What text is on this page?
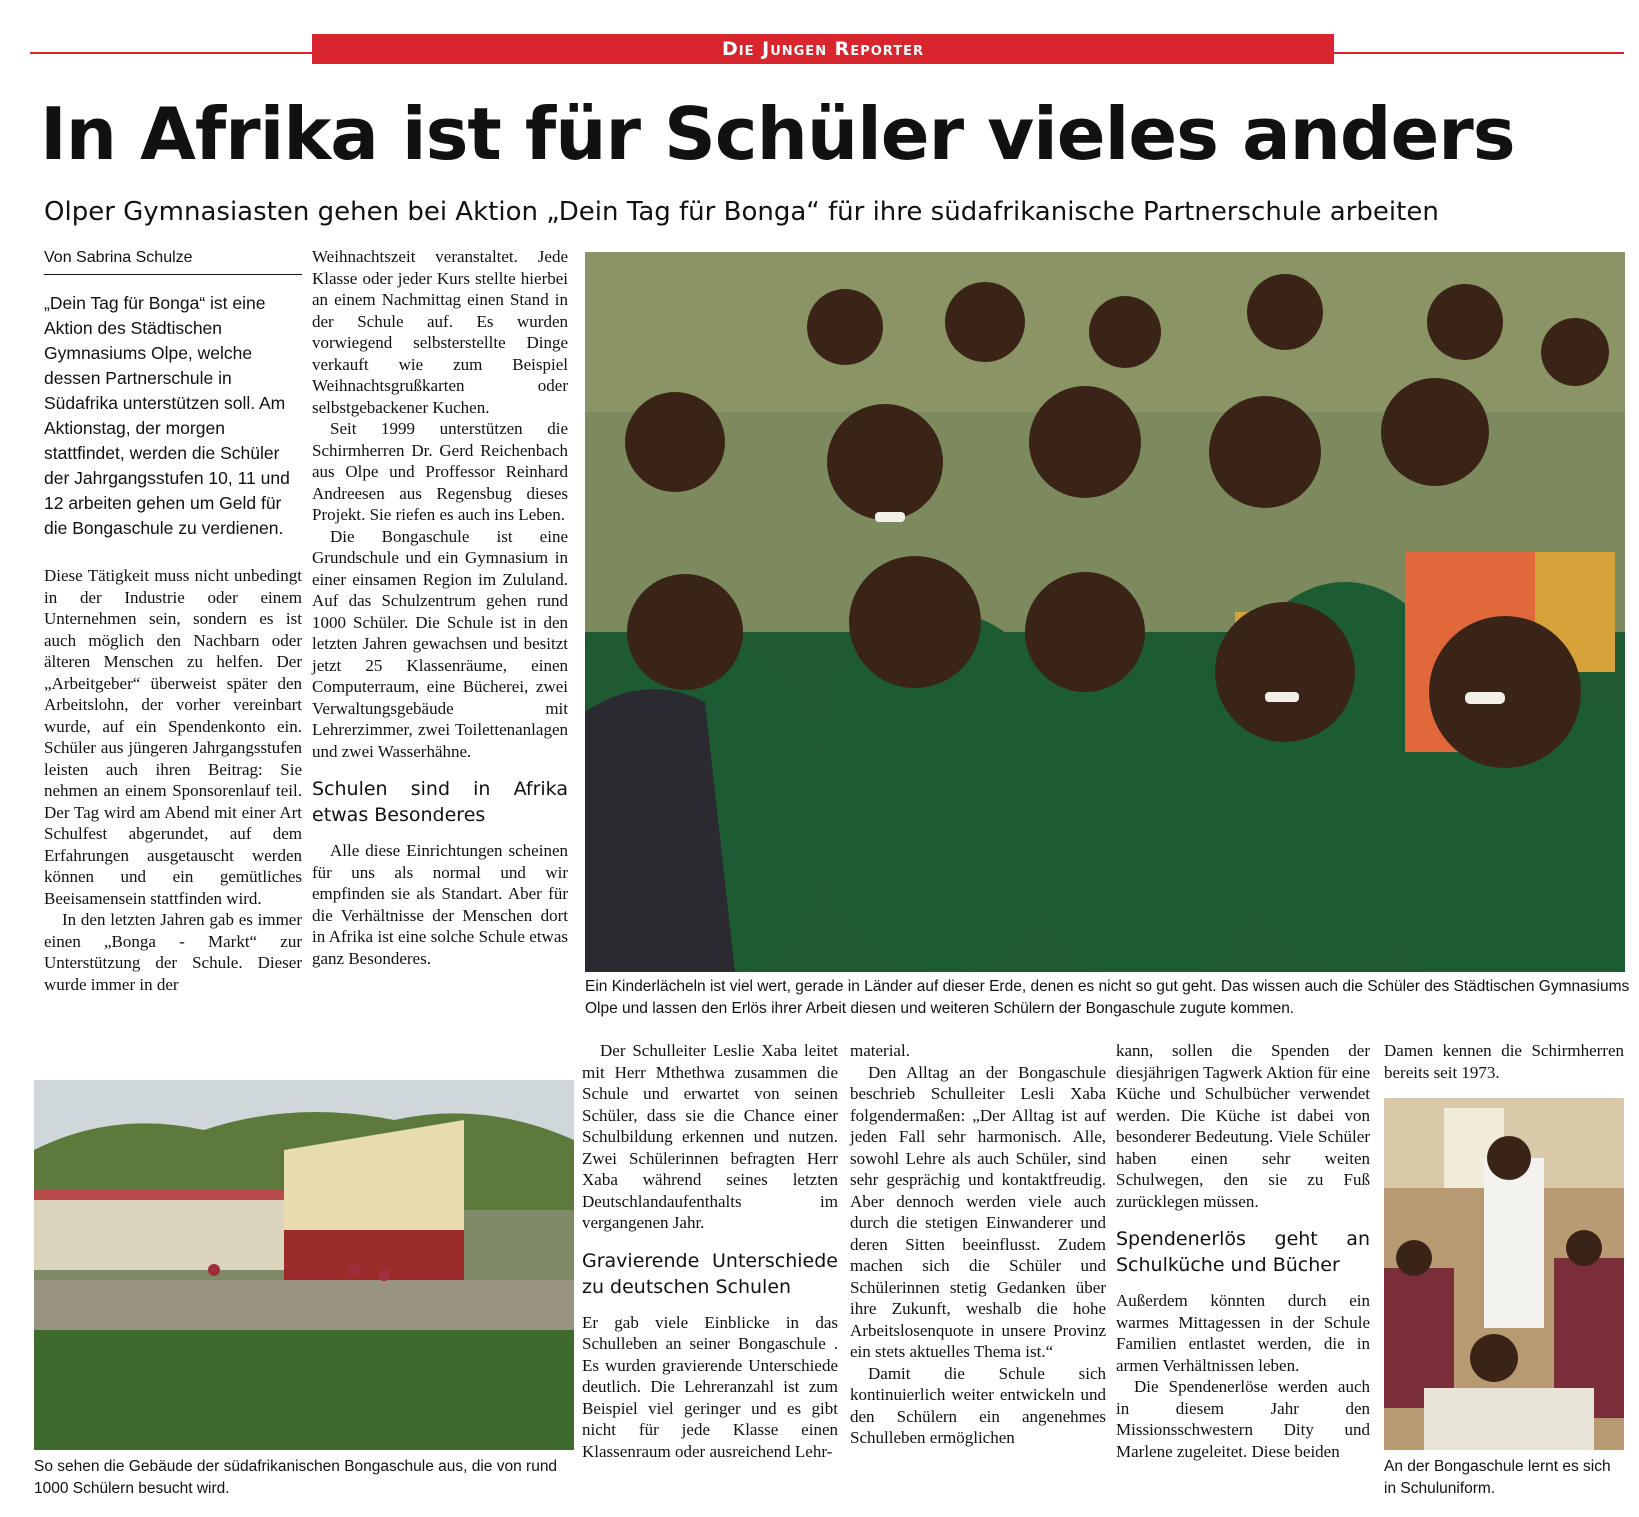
Die Jungen Reporter
In Afrika ist für Schüler vieles anders
Olper Gymnasiasten gehen bei Aktion „Dein Tag für Bonga“ für ihre südafrikanische Partnerschule arbeiten
Von Sabrina Schulze

„Dein Tag für Bonga“ ist eine Aktion des Städtischen Gymnasiums Olpe, welche dessen Partnerschule in Südafrika unterstützen soll. Am Aktionstag, der morgen stattfindet, werden die Schüler der Jahrgangsstufen 10, 11 und 12 arbeiten gehen um Geld für die Bongaschule zu verdienen.

Diese Tätigkeit muss nicht unbedingt in der Industrie oder einem Unternehmen sein, sondern es ist auch möglich den Nachbarn oder älteren Menschen zu helfen. Der „Arbeitgeber“ überweist später den Arbeitslohn, der vorher vereinbart wurde, auf ein Spendenkonto ein. Schüler aus jüngeren Jahrgangsstufen leisten auch ihren Beitrag: Sie nehmen an einem Sponsorenlauf teil. Der Tag wird am Abend mit einer Art Schulfest abgerundet, auf dem Erfahrungen ausgetauscht werden können und ein gemütliches Beeisamensein stattfinden wird.

In den letzten Jahren gab es immer einen „Bonga - Markt“ zur Unterstützung der Schule. Dieser wurde immer in der

Weihnachtszeit veranstaltet. Jede Klasse oder jeder Kurs stellte hierbei an einem Nachmittag einen Stand in der Schule auf. Es wurden vorwiegend selbsterstellte Dinge verkauft wie zum Beispiel Weihnachtsgrußkarten oder selbstgebackener Kuchen.

Seit 1999 unterstützen die Schirmherren Dr. Gerd Reichenbach aus Olpe und Proffessor Reinhard Andreesen aus Regensbug dieses Projekt. Sie riefen es auch ins Leben.

Die Bongaschule ist eine Grundschule und ein Gymnasium in einer einsamen Region im Zululand. Auf das Schulzentrum gehen rund 1000 Schüler. Die Schule ist in den letzten Jahren gewachsen und besitzt jetzt 25 Klassenräume, einen Computerraum, eine Bücherei, zwei Verwaltungsgebäude mit Lehrerzimmer, zwei Toilettenanlagen und zwei Wasserhähne.

Schulen sind in Afrika etwas Besonderes

Alle diese Einrichtungen scheinen für uns als normal und wir empfinden sie als Standart. Aber für die Verhältnisse der Menschen dort in Afrika ist eine solche Schule etwas ganz Besonderes.

Ein Kinderlächeln ist viel wert, gerade in Länder auf dieser Erde, denen es nicht so gut geht. Das wissen auch die Schüler des Städtischen Gymnasiums Olpe und lassen den Erlös ihrer Arbeit diesen und weiteren Schülern der Bongaschule zugute kommen.
So sehen die Gebäude der südafrikanischen Bongaschule aus, die von rund 1000 Schülern besucht wird.

Der Schulleiter Leslie Xaba leitet mit Herr Mthethwa zusammen die Schule und erwartet von seinen Schüler, dass sie die Chance einer Schulbildung erkennen und nutzen. Zwei Schülerinnen befragten Herr Xaba während seines letzten Deutschlandaufenthalts im vergangenen Jahr.

Gravierende Unterschiede zu deutschen Schulen

Er gab viele Einblicke in das Schulleben an seiner Bongaschule . Es wurden gravierende Unterschiede deutlich. Die Lehreranzahl ist zum Beispiel viel geringer und es gibt nicht für jede Klasse einen Klassenraum oder ausreichend Lehr-

material.

Den Alltag an der Bongaschule beschrieb Schulleiter Lesli Xaba folgendermaßen: „Der Alltag ist auf jeden Fall sehr harmonisch. Alle, sowohl Lehre als auch Schüler, sind sehr gesprächig und kontaktfreudig. Aber dennoch werden viele auch durch die stetigen Einwanderer und deren Sitten beeinflusst. Zudem machen sich die Schüler und Schülerinnen stetig Gedanken über ihre Zukunft, weshalb die hohe Arbeitslosenquote in unsere Provinz ein stets aktuelles Thema ist.“

Damit die Schule sich kontinuierlich weiter entwickeln und den Schülern ein angenehmes Schulleben ermöglichen

kann, sollen die Spenden der diesjährigen Tagwerk Aktion für eine Küche und Schulbücher verwendet werden. Die Küche ist dabei von besonderer Bedeutung. Viele Schüler haben einen sehr weiten Schulwegen, den sie zu Fuß zurücklegen müssen.

Spendenerlös geht an Schulküche und Bücher

Außerdem könnten durch ein warmes Mittagessen in der Schule Familien entlastet werden, die in armen Verhältnissen leben.

Die Spendenerlöse werden auch in diesem Jahr den Missionsschwestern Dity und Marlene zugeleitet. Diese beiden

Damen kennen die Schirmherren bereits seit 1973.

An der Bongaschule lernt es sich in Schuluniform.
